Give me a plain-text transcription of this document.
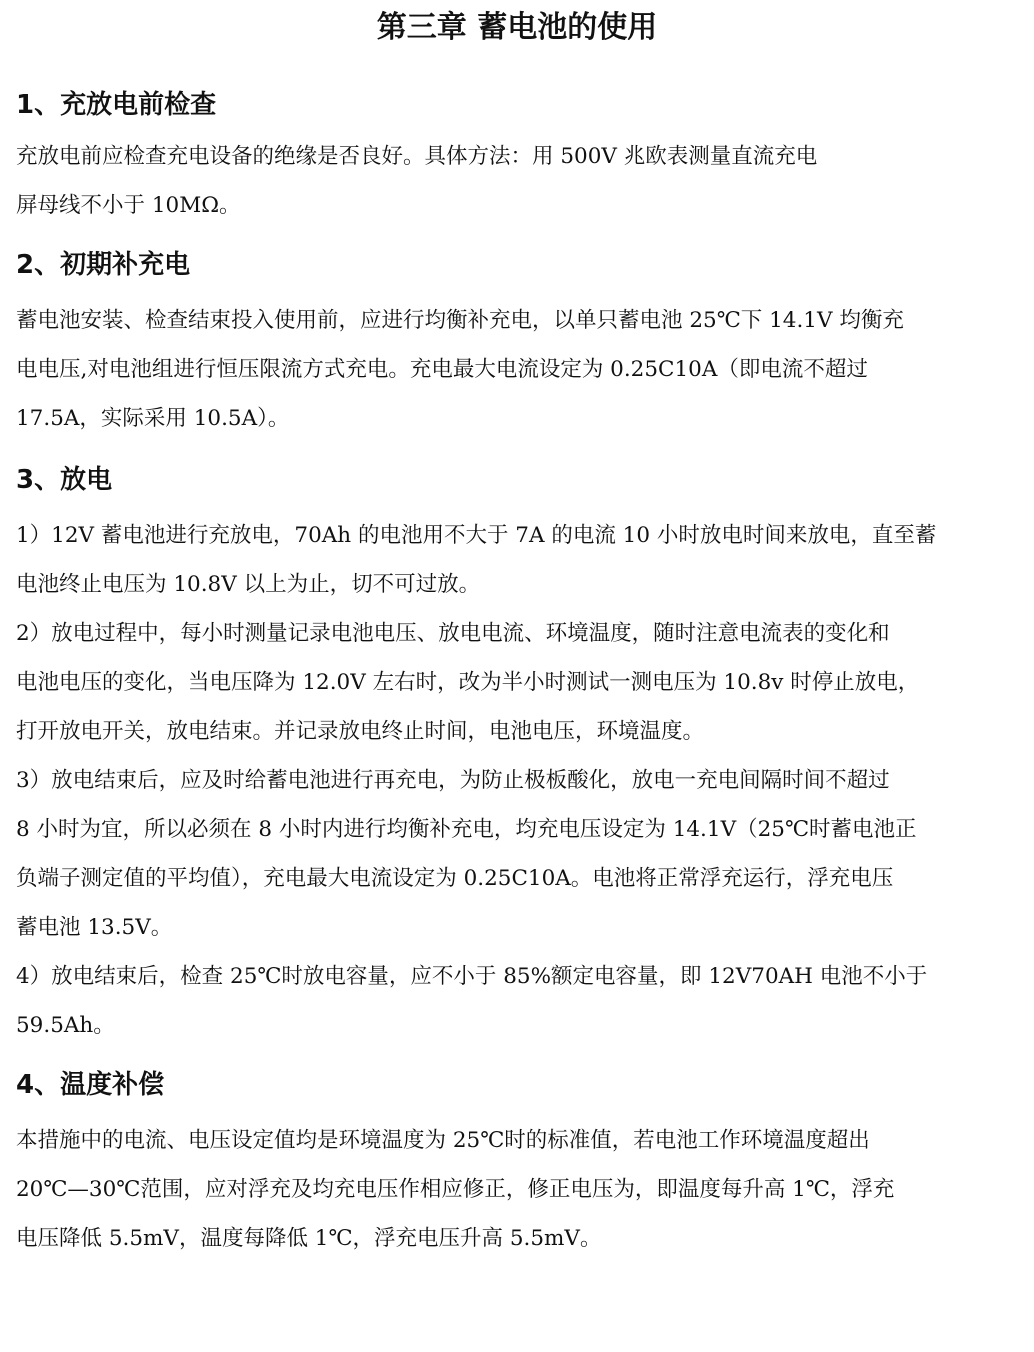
第三章 蓄电池的使用
1、充放电前检查

充放电前应检查充电设备的绝缘是否良好。具体方法：用 500V 兆欧表测量直流充电
屏母线不小于 10MΩ。

2、初期补充电

蓄电池安装、检查结束投入使用前，应进行均衡补充电，以单只蓄电池 25℃下 14.1V 均衡充
电电压,对电池组进行恒压限流方式充电。充电最大电流设定为 0.25C10A（即电流不超过
17.5A，实际采用 10.5A）。

3、放电

1）12V 蓄电池进行充放电，70Ah 的电池用不大于 7A 的电流 10 小时放电时间来放电，直至蓄
电池终止电压为 10.8V 以上为止，切不可过放。

2）放电过程中，每小时测量记录电池电压、放电电流、环境温度，随时注意电流表的变化和
电池电压的变化，当电压降为 12.0V 左右时，改为半小时测试一测电压为 10.8v 时停止放电，
打开放电开关，放电结束。并记录放电终止时间，电池电压，环境温度。

3）放电结束后，应及时给蓄电池进行再充电，为防止极板酸化，放电一充电间隔时间不超过
8 小时为宜，所以必须在 8 小时内进行均衡补充电，均充电压设定为 14.1V（25℃时蓄电池正
负端子测定值的平均值），充电最大电流设定为 0.25C10A。电池将正常浮充运行，浮充电压
蓄电池 13.5V。

4）放电结束后，检查 25℃时放电容量，应不小于 85%额定电容量，即 12V70AH 电池不小于
59.5Ah。

4、温度补偿

本措施中的电流、电压设定值均是环境温度为 25℃时的标准值，若电池工作环境温度超出
20℃—30℃范围，应对浮充及均充电压作相应修正，修正电压为，即温度每升高 1℃，浮充
电压降低 5.5mV，温度每降低 1℃，浮充电压升高 5.5mV。
